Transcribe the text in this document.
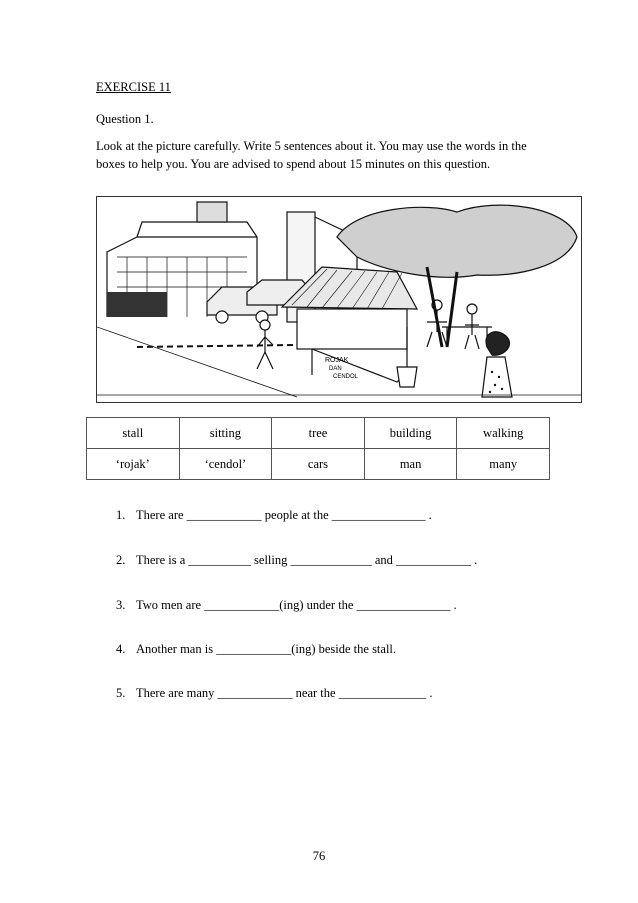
EXERCISE 11
Question 1.
Look at the picture carefully. Write 5 sentences about it. You may use the words in the boxes to help you. You are advised to spend about 15 minutes on this question.
ROJAK
DAN
CENDOL
stall	sitting	tree	building	walking
‘rojak’	‘cendol’	cars	man	many
1. There are ____________ people at the _______________ .
2. There is a __________ selling _____________ and ____________ .
3. Two men are ____________(ing) under the _______________ .
4. Another man is ____________(ing) beside the stall.
5. There are many ____________ near the ______________ .
76
